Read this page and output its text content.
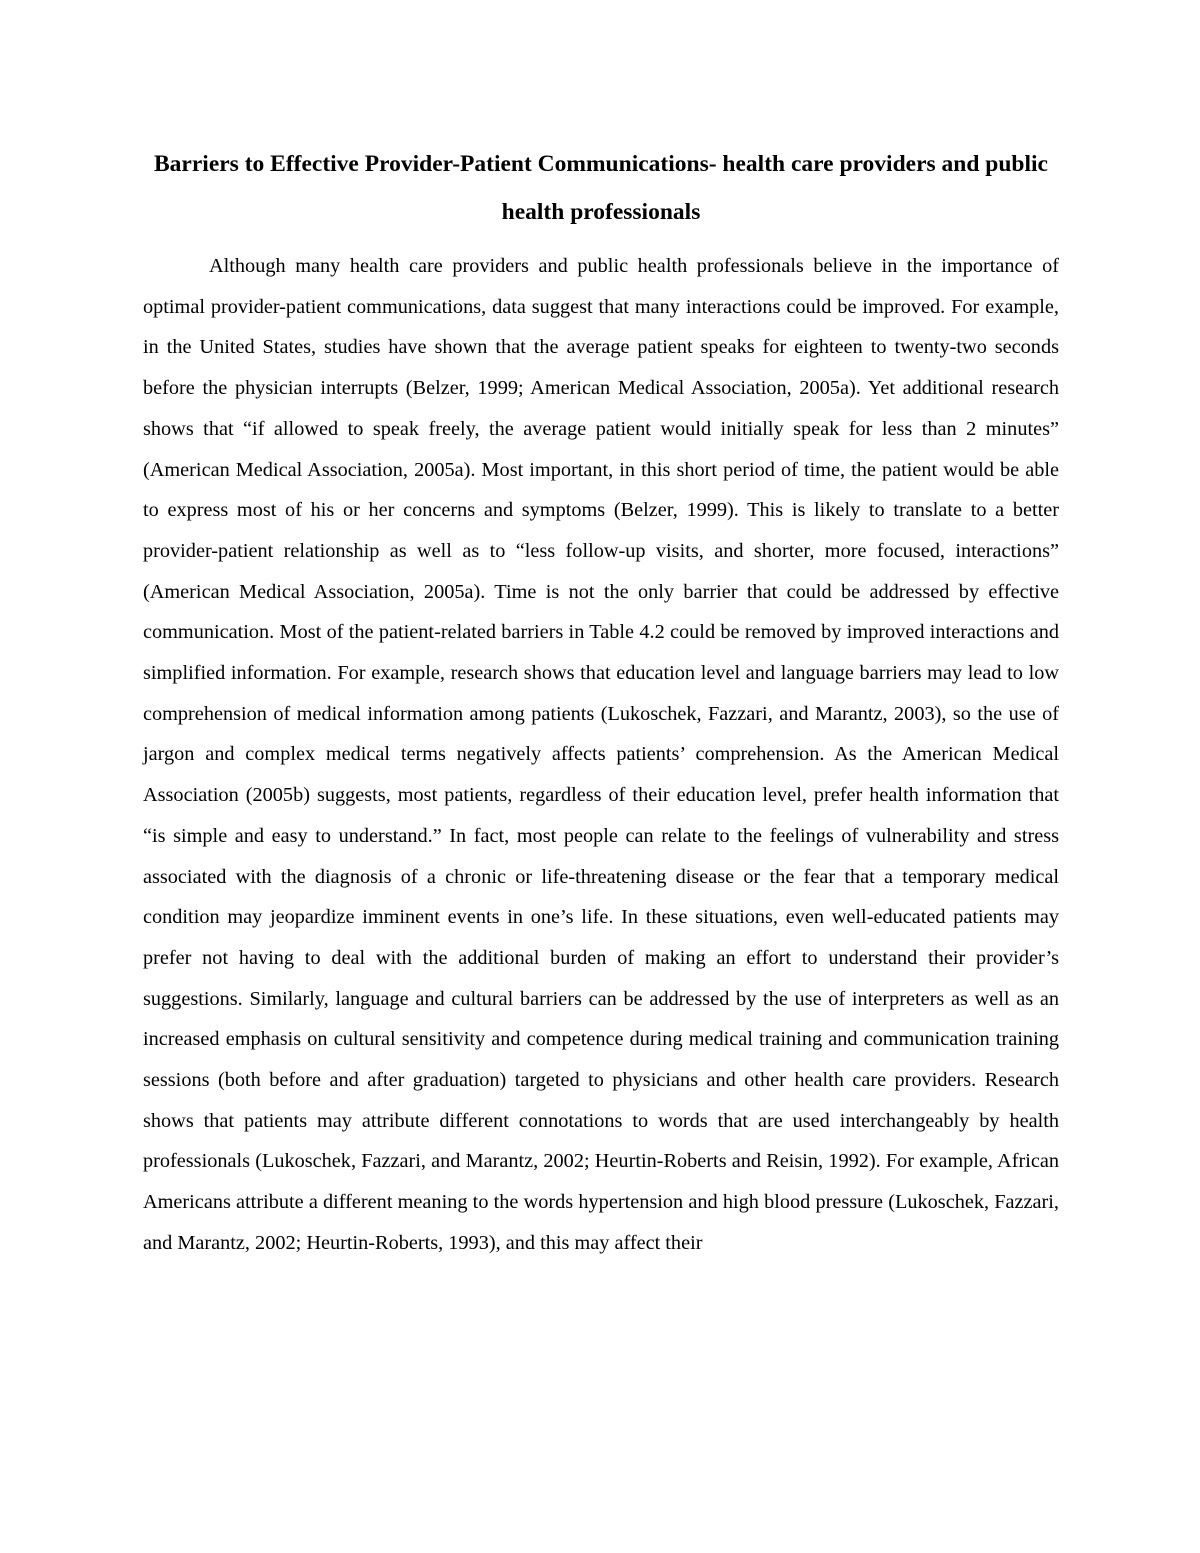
Barriers to Effective Provider-Patient Communications- health care providers and public health professionals

Although many health care providers and public health professionals believe in the importance of optimal provider-patient communications, data suggest that many interactions could be improved. For example, in the United States, studies have shown that the average patient speaks for eighteen to twenty-two seconds before the physician interrupts (Belzer, 1999; American Medical Association, 2005a). Yet additional research shows that “if allowed to speak freely, the average patient would initially speak for less than 2 minutes” (American Medical Association, 2005a). Most important, in this short period of time, the patient would be able to express most of his or her concerns and symptoms (Belzer, 1999). This is likely to translate to a better provider-patient relationship as well as to “less follow-up visits, and shorter, more focused, interactions” (American Medical Association, 2005a). Time is not the only barrier that could be addressed by effective communication. Most of the patient-related barriers in Table 4.2 could be removed by improved interactions and simplified information. For example, research shows that education level and language barriers may lead to low comprehension of medical information among patients (Lukoschek, Fazzari, and Marantz, 2003), so the use of jargon and complex medical terms negatively affects patients’ comprehension. As the American Medical Association (2005b) suggests, most patients, regardless of their education level, prefer health information that “is simple and easy to understand.” In fact, most people can relate to the feelings of vulnerability and stress associated with the diagnosis of a chronic or life-threatening disease or the fear that a temporary medical condition may jeopardize imminent events in one’s life. In these situations, even well-educated patients may prefer not having to deal with the additional burden of making an effort to understand their provider’s suggestions. Similarly, language and cultural barriers can be addressed by the use of interpreters as well as an increased emphasis on cultural sensitivity and competence during medical training and communication training sessions (both before and after graduation) targeted to physicians and other health care providers. Research shows that patients may attribute different connotations to words that are used interchangeably by health professionals (Lukoschek, Fazzari, and Marantz, 2002; Heurtin-Roberts and Reisin, 1992). For example, African Americans attribute a different meaning to the words hypertension and high blood pressure (Lukoschek, Fazzari, and Marantz, 2002; Heurtin-Roberts, 1993), and this may affect their
